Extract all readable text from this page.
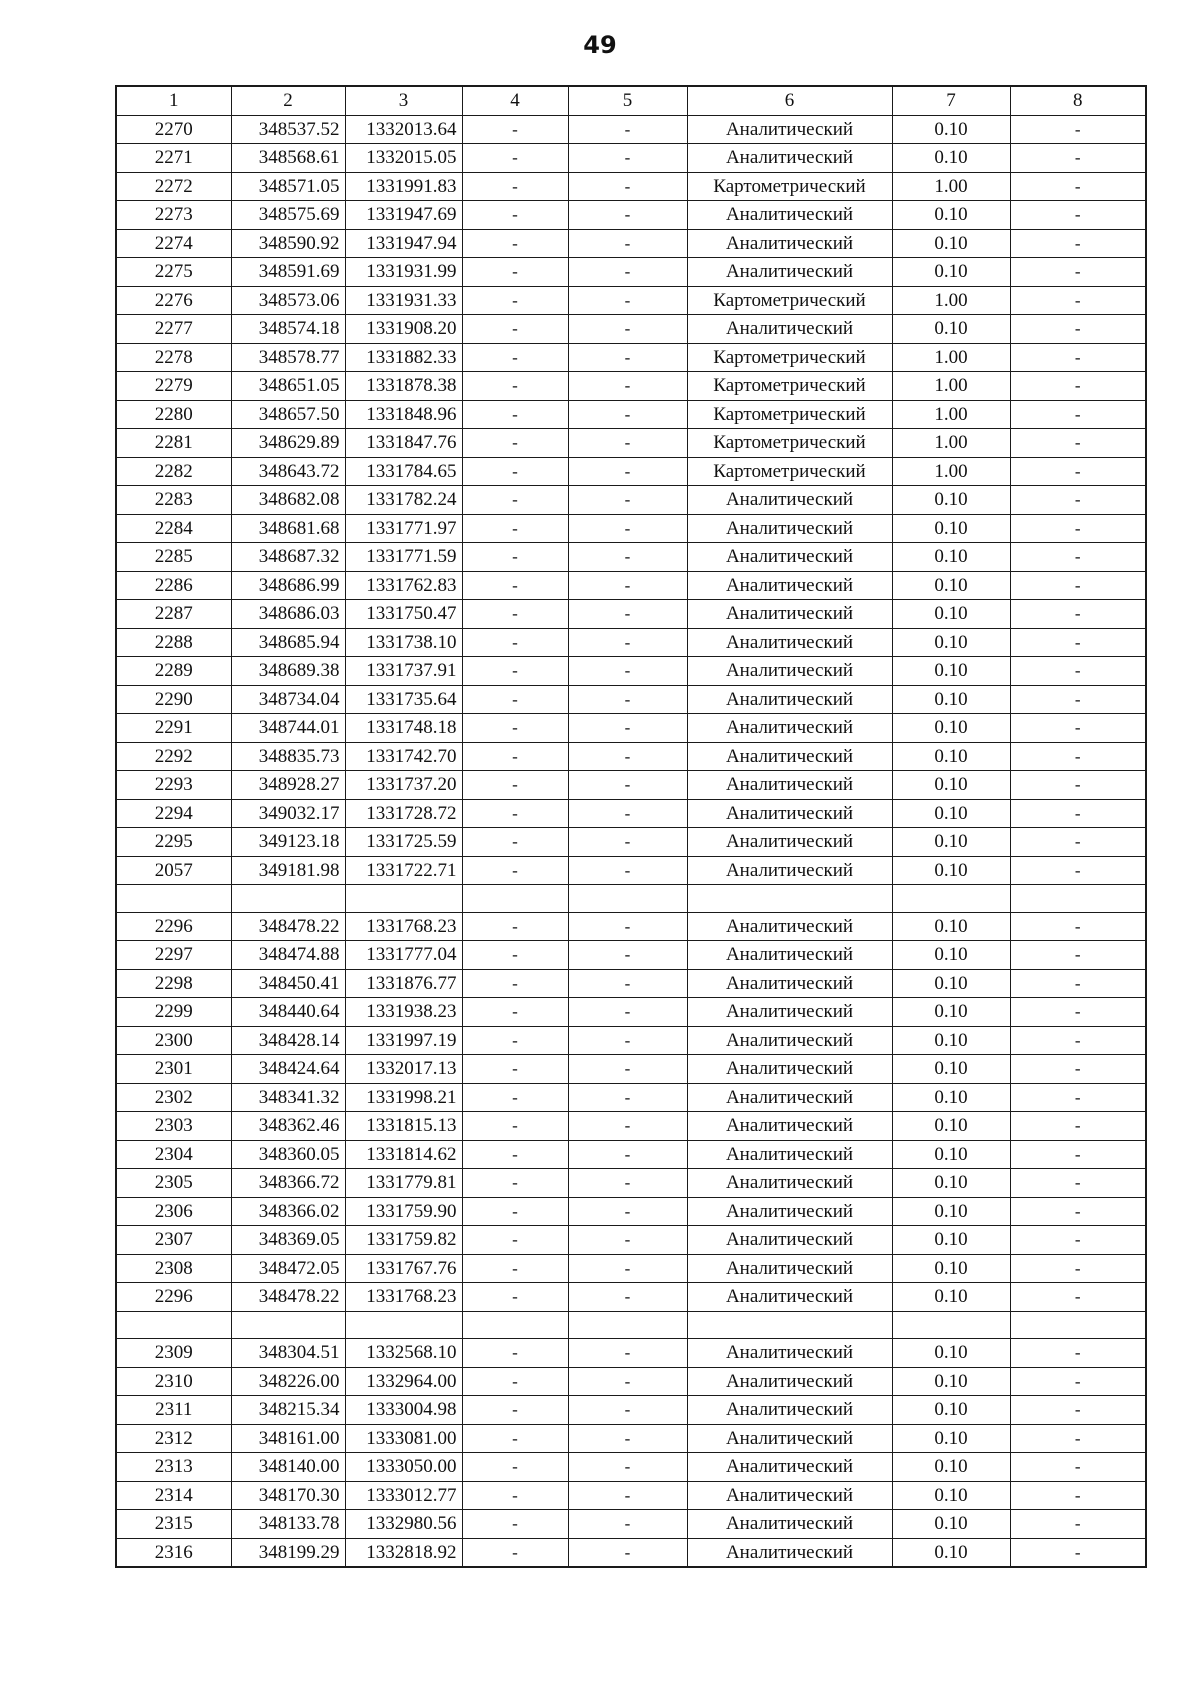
49
1	2	3	4	5	6	7	8
2270	348537.52	1332013.64	-	-	Аналитический	0.10	-
2271	348568.61	1332015.05	-	-	Аналитический	0.10	-
2272	348571.05	1331991.83	-	-	Картометрический	1.00	-
2273	348575.69	1331947.69	-	-	Аналитический	0.10	-
2274	348590.92	1331947.94	-	-	Аналитический	0.10	-
2275	348591.69	1331931.99	-	-	Аналитический	0.10	-
2276	348573.06	1331931.33	-	-	Картометрический	1.00	-
2277	348574.18	1331908.20	-	-	Аналитический	0.10	-
2278	348578.77	1331882.33	-	-	Картометрический	1.00	-
2279	348651.05	1331878.38	-	-	Картометрический	1.00	-
2280	348657.50	1331848.96	-	-	Картометрический	1.00	-
2281	348629.89	1331847.76	-	-	Картометрический	1.00	-
2282	348643.72	1331784.65	-	-	Картометрический	1.00	-
2283	348682.08	1331782.24	-	-	Аналитический	0.10	-
2284	348681.68	1331771.97	-	-	Аналитический	0.10	-
2285	348687.32	1331771.59	-	-	Аналитический	0.10	-
2286	348686.99	1331762.83	-	-	Аналитический	0.10	-
2287	348686.03	1331750.47	-	-	Аналитический	0.10	-
2288	348685.94	1331738.10	-	-	Аналитический	0.10	-
2289	348689.38	1331737.91	-	-	Аналитический	0.10	-
2290	348734.04	1331735.64	-	-	Аналитический	0.10	-
2291	348744.01	1331748.18	-	-	Аналитический	0.10	-
2292	348835.73	1331742.70	-	-	Аналитический	0.10	-
2293	348928.27	1331737.20	-	-	Аналитический	0.10	-
2294	349032.17	1331728.72	-	-	Аналитический	0.10	-
2295	349123.18	1331725.59	-	-	Аналитический	0.10	-
2057	349181.98	1331722.71	-	-	Аналитический	0.10	-

2296	348478.22	1331768.23	-	-	Аналитический	0.10	-
2297	348474.88	1331777.04	-	-	Аналитический	0.10	-
2298	348450.41	1331876.77	-	-	Аналитический	0.10	-
2299	348440.64	1331938.23	-	-	Аналитический	0.10	-
2300	348428.14	1331997.19	-	-	Аналитический	0.10	-
2301	348424.64	1332017.13	-	-	Аналитический	0.10	-
2302	348341.32	1331998.21	-	-	Аналитический	0.10	-
2303	348362.46	1331815.13	-	-	Аналитический	0.10	-
2304	348360.05	1331814.62	-	-	Аналитический	0.10	-
2305	348366.72	1331779.81	-	-	Аналитический	0.10	-
2306	348366.02	1331759.90	-	-	Аналитический	0.10	-
2307	348369.05	1331759.82	-	-	Аналитический	0.10	-
2308	348472.05	1331767.76	-	-	Аналитический	0.10	-
2296	348478.22	1331768.23	-	-	Аналитический	0.10	-

2309	348304.51	1332568.10	-	-	Аналитический	0.10	-
2310	348226.00	1332964.00	-	-	Аналитический	0.10	-
2311	348215.34	1333004.98	-	-	Аналитический	0.10	-
2312	348161.00	1333081.00	-	-	Аналитический	0.10	-
2313	348140.00	1333050.00	-	-	Аналитический	0.10	-
2314	348170.30	1333012.77	-	-	Аналитический	0.10	-
2315	348133.78	1332980.56	-	-	Аналитический	0.10	-
2316	348199.29	1332818.92	-	-	Аналитический	0.10	-
